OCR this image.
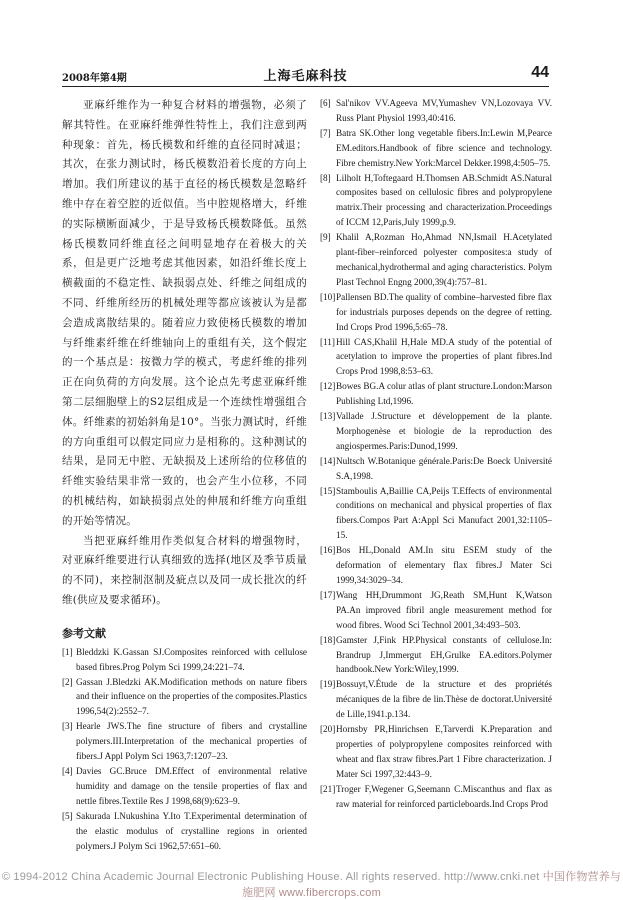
2008年第4期	上海毛麻科技	44

亚麻纤维作为一种复合材料的增强物，必须了解其特性。在亚麻纤维弹性特性上，我们注意到两种现象：首先，杨氏模数和纤维的直径同时减退；其次，在张力测试时，杨氏模数沿着长度的方向上增加。我们所建议的基于直径的杨氏模数是忽略纤维中存在着空腔的近似值。当中腔规格增大，纤维的实际横断面减少，于是导致杨氏模数降低。虽然杨氏模数同纤维直径之间明显地存在着极大的关系，但是更广泛地考虑其他因素，如沿纤维长度上横截面的不稳定性、缺损弱点处、纤维之间组成的不同、纤维所经历的机械处理等都应该被认为是都会造成离散结果的。随着应力致使杨氏模数的增加与纤维素纤维在纤维轴向上的重组有关，这个假定的一个基点是：按微力学的模式，考虑纤维的排列正在向负荷的方向发展。这个论点先考虑亚麻纤维第二层细胞壁上的S2层组成是一个连续性增强组合体。纤维素的初始斜角是10°。当张力测试时，纤维的方向重组可以假定同应力是相称的。这种测试的结果，是同无中腔、无缺损及上述所给的位移值的纤维实验结果非常一致的，也会产生小位移，不同的机械结构，如缺损弱点处的伸展和纤维方向重组的开始等情况。

当把亚麻纤维用作类似复合材料的增强物时，对亚麻纤维要进行认真细致的选择(地区及季节质量的不同)，来控制沤制及疵点以及同一成长批次的纤维(供应及要求循环)。

参考文献

[1] Bleddzki K.Gassan SJ.Composites reinforced with cellulose based fibres.Prog Polym Sci 1999,24:221–74.

[2] Gassan J.Bledzki AK.Modification methods on nature fibers and their influence on the properties of the composites.Plastics 1996,54(2):2552–7.

[3] Hearle JWS.The fine structure of fibers and crystalline polymers.III.Interpretation of the mechanical properties of fibers.J Appl Polym Sci 1963,7:1207–23.

[4] Davies GC.Bruce DM.Effect of environmental relative humidity and damage on the tensile properties of flax and nettle fibres.Textile Res J 1998,68(9):623–9.

[5] Sakurada I.Nukushina Y.Ito T.Experimental determination of the elastic modulus of crystalline regions in oriented polymers.J Polym Sci 1962,57:651–60.

[6] Sal'nikov VV.Ageeva MV,Yumashev VN,Lozovaya VV. Russ Plant Physiol 1993,40:416.

[7] Batra SK.Other long vegetable fibers.In:Lewin M,Pearce EM.editors.Handbook of fibre science and technology. Fibre chemistry.New York:Marcel Dekker.1998,4:505–75.

[8] Lilholt H,Toftegaard H.Thomsen AB.Schmidt AS.Natural composites based on cellulosic fibres and polypropylene matrix.Their processing and characterization.Proceedings of ICCM 12,Paris,July 1999,p.9.

[9] Khalil A,Rozman Ho,Ahmad NN,Ismail H.Acetylated plant-fiber–reinforced polyester composites:a study of mechanical,hydrothermal and aging characteristics. Polym Plast Technol Engng 2000,39(4):757–81.

[10] Pallensen BD.The quality of combine–harvested fibre flax for industrials purposes depends on the degree of retting. Ind Crops Prod 1996,5:65–78.

[11] Hill CAS,Khalil H,Hale MD.A study of the potential of acetylation to improve the properties of plant fibres.Ind Crops Prod 1998,8:53–63.

[12] Bowes BG.A colur atlas of plant structure.London:Marson Publishing Ltd,1996.

[13] Vallade J.Structure et développement de la plante. Morphogenèse et biologie de la reproduction des angiospermes.Paris:Dunod,1999.

[14] Nultsch W.Botanique générale.Paris:De Boeck Université S.A,1998.

[15] Stamboulis A,Baillie CA,Peijs T.Effects of environmental conditions on mechanical and physical properties of flax fibers.Compos Part A:Appl Sci Manufact 2001,32:1105–15.

[16] Bos HL,Donald AM.In situ ESEM study of the deformation of elementary flax fibres.J Mater Sci 1999,34:3029–34.

[17] Wang HH,Drummont JG,Reath SM,Hunt K,Watson PA.An improved fibril angle measurement method for wood fibres. Wood Sci Technol 2001,34:493–503.

[18] Gamster J,Fink HP.Physical constants of cellulose.In: Brandrup J,Immergut EH,Grulke EA.editors.Polymer handbook.New York:Wiley,1999.

[19] Bossuyt,V.Étude de la structure et des propriétés mécaniques de la fibre de lin.Thèse de doctorat.Université de Lille,1941.p.134.

[20] Hornsby PR,Hinrichsen E,Tarverdi K.Preparation and properties of polypropylene composites reinforced with wheat and flax straw fibres.Part 1 Fibre characterization. J Mater Sci 1997,32:443–9.

[21] Troger F,Wegener G,Seemann C.Miscanthus and flax as raw material for reinforced particleboards.Ind Crops Prod

© 1994-2012 China Academic Journal Electronic Publishing House. All rights reserved. http://www.cnki.net 中国作物营养与施肥网 www.fibercrops.com
